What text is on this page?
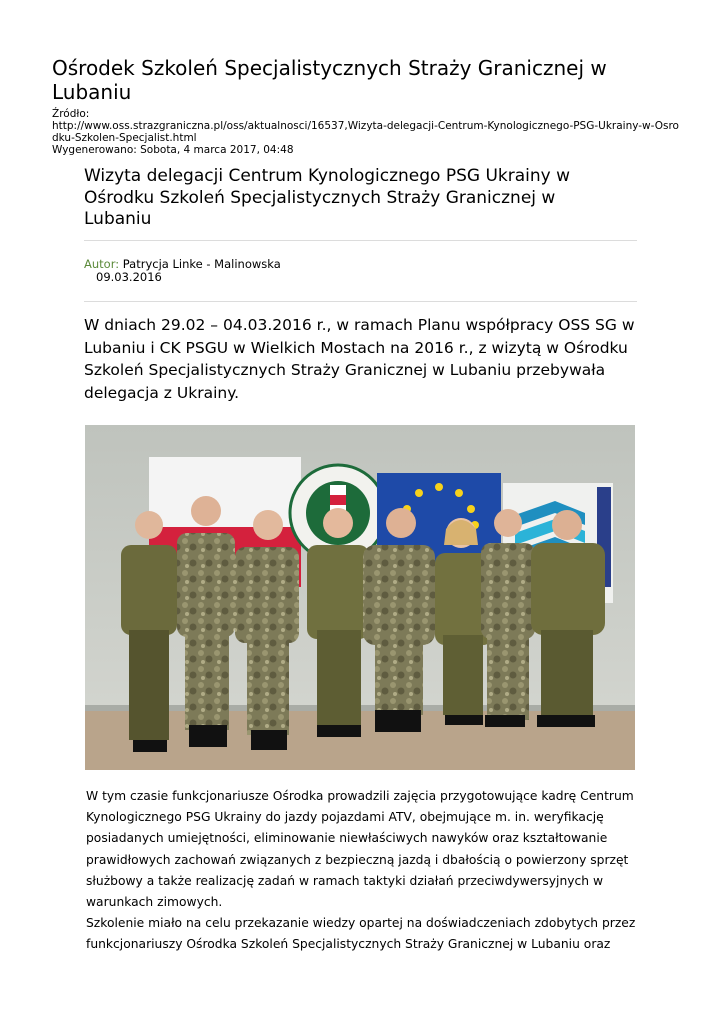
Ośrodek Szkoleń Specjalistycznych Straży Granicznej w Lubaniu
Źródło:
http://www.oss.strazgraniczna.pl/oss/aktualnosci/16537,Wizyta-delegacji-Centrum-Kynologicznego-PSG-Ukrainy-w-Osrodku-Szkolen-Specjalist.html
Wygenerowano: Sobota, 4 marca 2017, 04:48
Wizyta delegacji Centrum Kynologicznego PSG Ukrainy w Ośrodku Szkoleń Specjalistycznych Straży Granicznej w Lubaniu
Autor: Patrycja Linke - Malinowska
09.03.2016

W dniach 29.02 – 04.03.2016 r., w ramach Planu współpracy OSS SG w Lubaniu i CK PSGU w Wielkich Mostach na 2016 r., z wizytą w Ośrodku Szkoleń Specjalistycznych Straży Granicznej w Lubaniu przebywała delegacja z Ukrainy.

W tym czasie funkcjonariusze Ośrodka prowadzili zajęcia przygotowujące kadrę Centrum Kynologicznego PSG Ukrainy do jazdy pojazdami ATV, obejmujące m. in. weryfikację posiadanych umiejętności, eliminowanie niewłaściwych nawyków oraz kształtowanie prawidłowych zachowań związanych z bezpieczną jazdą i dbałością o powierzony sprzęt służbowy a także realizację zadań w ramach taktyki działań przeciwdywersyjnych w warunkach zimowych.

Szkolenie miało na celu przekazanie wiedzy opartej na doświadczeniach zdobytych przez funkcjonariuszy Ośrodka Szkoleń Specjalistycznych Straży Granicznej w Lubaniu oraz
